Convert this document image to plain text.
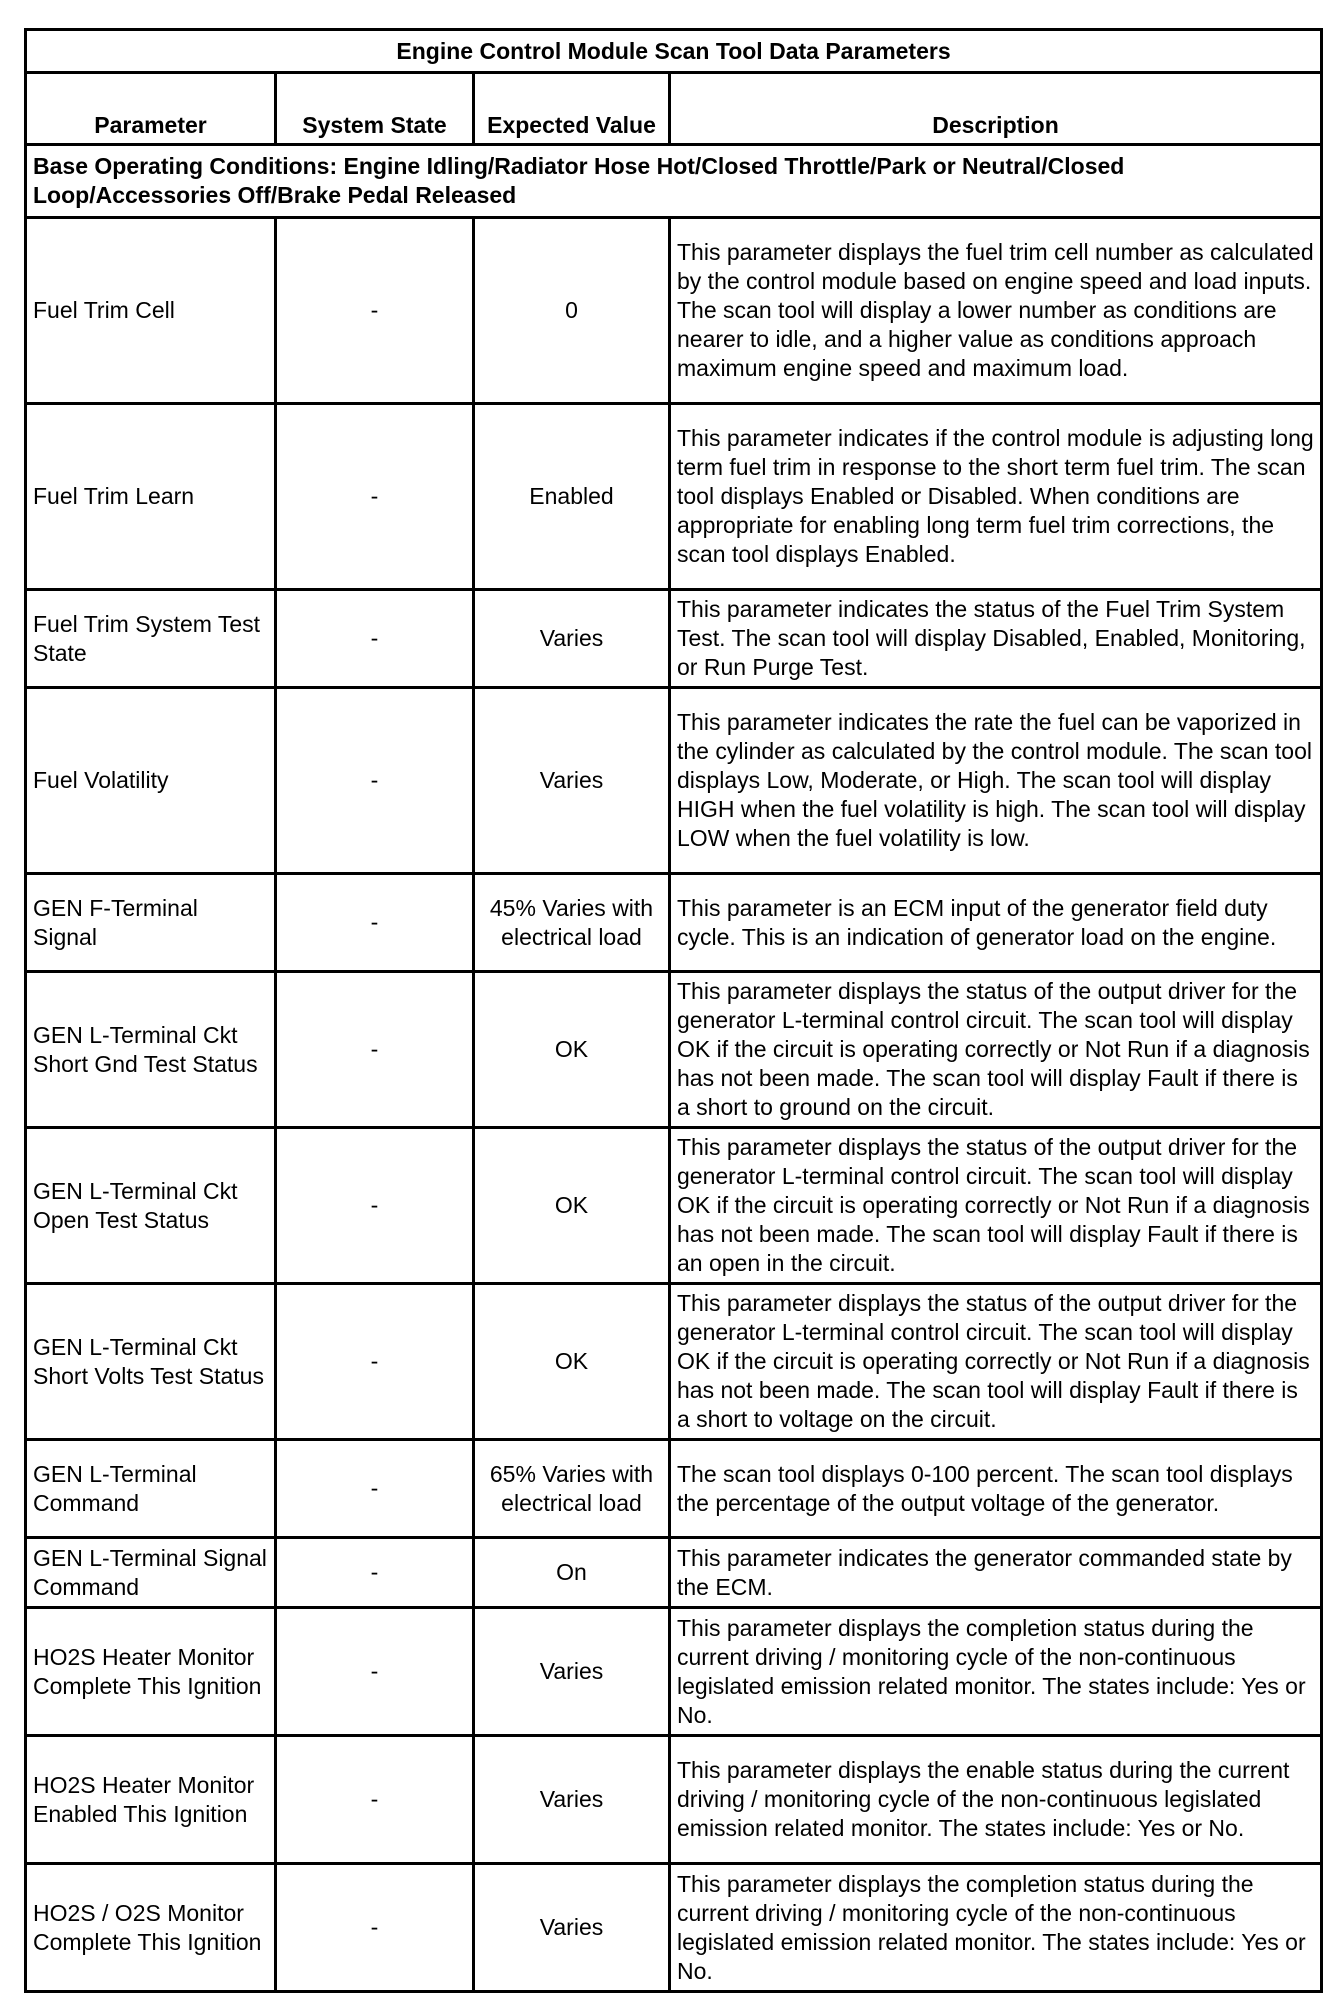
Engine Control Module Scan Tool Data Parameters			
Parameter	System State	Expected Value	Description
Base Operating Conditions: Engine Idling/Radiator Hose Hot/Closed Throttle/Park or Neutral/Closed Loop/Accessories Off/Brake Pedal Released			
Fuel Trim Cell	-	0	This parameter displays the fuel trim cell number as calculated by the control module based on engine speed and load inputs. The scan tool will display a lower number as conditions are nearer to idle, and a higher value as conditions approach maximum engine speed and maximum load.
Fuel Trim Learn	-	Enabled	This parameter indicates if the control module is adjusting long term fuel trim in response to the short term fuel trim. The scan tool displays Enabled or Disabled. When conditions are appropriate for enabling long term fuel trim corrections, the scan tool displays Enabled.
Fuel Trim System Test State	-	Varies	This parameter indicates the status of the Fuel Trim System Test. The scan tool will display Disabled, Enabled, Monitoring, or Run Purge Test.
Fuel Volatility	-	Varies	This parameter indicates the rate the fuel can be vaporized in the cylinder as calculated by the control module. The scan tool displays Low, Moderate, or High. The scan tool will display HIGH when the fuel volatility is high. The scan tool will display LOW when the fuel volatility is low.
GEN F-Terminal Signal	-	45% Varies with electrical load	This parameter is an ECM input of the generator field duty cycle. This is an indication of generator load on the engine.
GEN L-Terminal Ckt Short Gnd Test Status	-	OK	This parameter displays the status of the output driver for the generator L-terminal control circuit. The scan tool will display OK if the circuit is operating correctly or Not Run if a diagnosis has not been made. The scan tool will display Fault if there is a short to ground on the circuit.
GEN L-Terminal Ckt Open Test Status	-	OK	This parameter displays the status of the output driver for the generator L-terminal control circuit. The scan tool will display OK if the circuit is operating correctly or Not Run if a diagnosis has not been made. The scan tool will display Fault if there is an open in the circuit.
GEN L-Terminal Ckt Short Volts Test Status	-	OK	This parameter displays the status of the output driver for the generator L-terminal control circuit. The scan tool will display OK if the circuit is operating correctly or Not Run if a diagnosis has not been made. The scan tool will display Fault if there is a short to voltage on the circuit.
GEN L-Terminal Command	-	65% Varies with electrical load	The scan tool displays 0-100 percent. The scan tool displays the percentage of the output voltage of the generator.
GEN L-Terminal Signal Command	-	On	This parameter indicates the generator commanded state by the ECM.
HO2S Heater Monitor Complete This Ignition	-	Varies	This parameter displays the completion status during the current driving / monitoring cycle of the non-continuous legislated emission related monitor. The states include: Yes or No.
HO2S Heater Monitor Enabled This Ignition	-	Varies	This parameter displays the enable status during the current driving / monitoring cycle of the non-continuous legislated emission related monitor. The states include: Yes or No.
HO2S / O2S Monitor Complete This Ignition	-	Varies	This parameter displays the completion status during the current driving / monitoring cycle of the non-continuous legislated emission related monitor. The states include: Yes or No.
